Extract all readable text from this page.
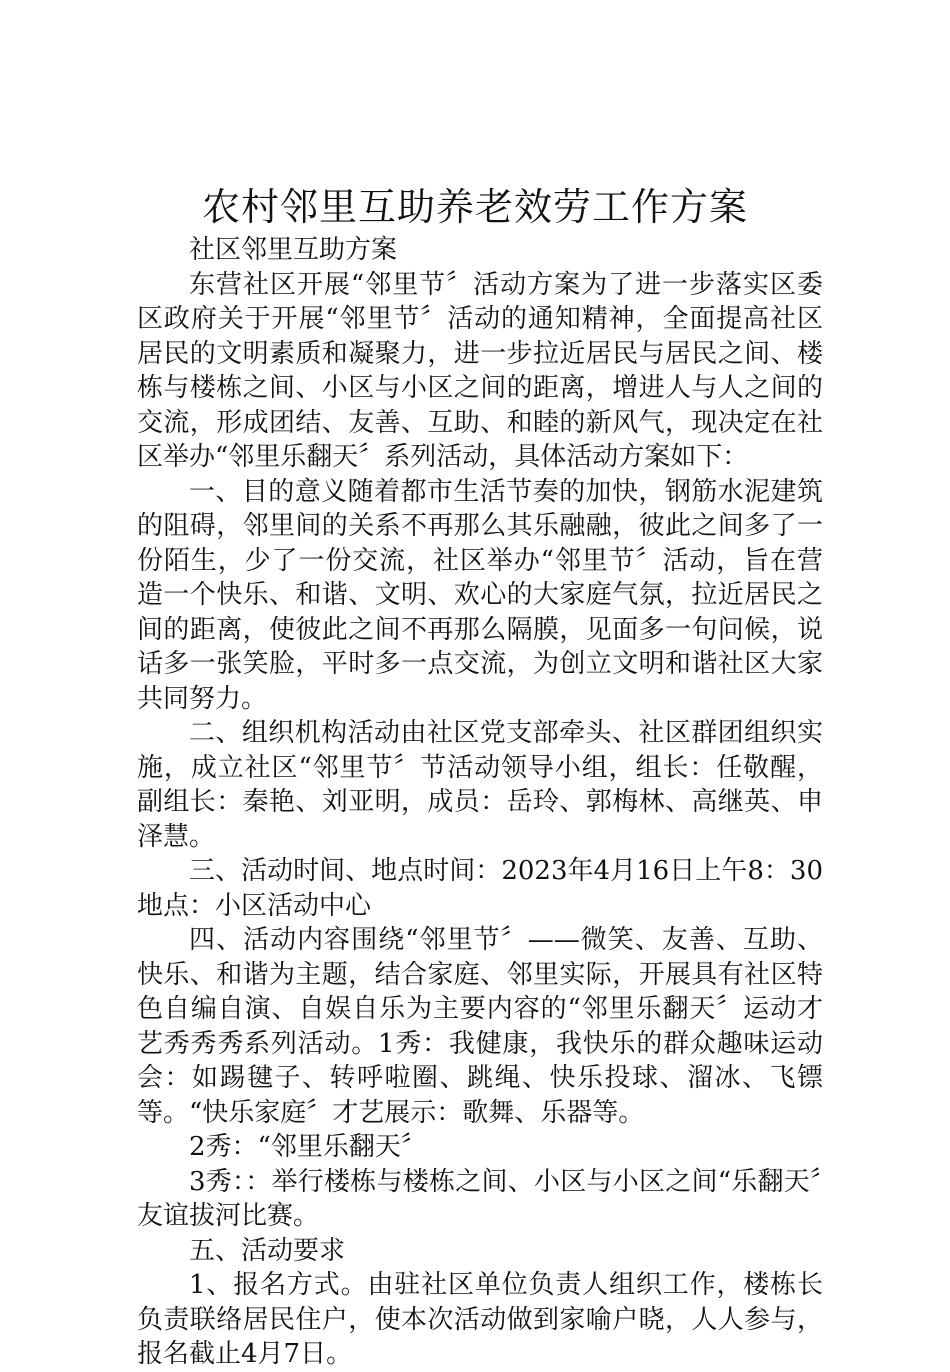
农村邻里互助养老效劳工作方案

社区邻里互助方案

东营社区开展“邻里节〞活动方案为了进一步落实区委区政府关于开展“邻里节〞活动的通知精神，全面提高社区居民的文明素质和凝聚力，进一步拉近居民与居民之间、楼栋与楼栋之间、小区与小区之间的距离，增进人与人之间的交流，形成团结、友善、互助、和睦的新风气，现决定在社区举办“邻里乐翻天〞系列活动，具体活动方案如下：

一、目的意义随着都市生活节奏的加快，钢筋水泥建筑的阻碍，邻里间的关系不再那么其乐融融，彼此之间多了一份陌生，少了一份交流，社区举办“邻里节〞活动，旨在营造一个快乐、和谐、文明、欢心的大家庭气氛，拉近居民之间的距离，使彼此之间不再那么隔膜，见面多一句问候，说话多一张笑脸，平时多一点交流，为创立文明和谐社区大家共同努力。

二、组织机构活动由社区党支部牵头、社区群团组织实施，成立社区“邻里节〞节活动领导小组，组长：任敬醒，副组长：秦艳、刘亚明，成员：岳玲、郭梅林、高继英、申泽慧。

三、活动时间、地点时间：2023年4月16日上午8：30 地点：小区活动中心

四、活动内容围绕“邻里节〞——微笑、友善、互助、快乐、和谐为主题，结合家庭、邻里实际，开展具有社区特色自编自演、自娱自乐为主要内容的“邻里乐翻天〞运动才艺秀秀秀系列活动。1秀：我健康，我快乐的群众趣味运动会：如踢毽子、转呼啦圈、跳绳、快乐投球、溜冰、飞镖等。“快乐家庭〞才艺展示：歌舞、乐器等。

2秀：“邻里乐翻天〞

3秀：：举行楼栋与楼栋之间、小区与小区之间“乐翻天〞友谊拔河比赛。

五、活动要求

1、报名方式。由驻社区单位负责人组织工作，楼栋长负责联络居民住户，使本次活动做到家喻户晓，人人参与，报名截止4月7日。
